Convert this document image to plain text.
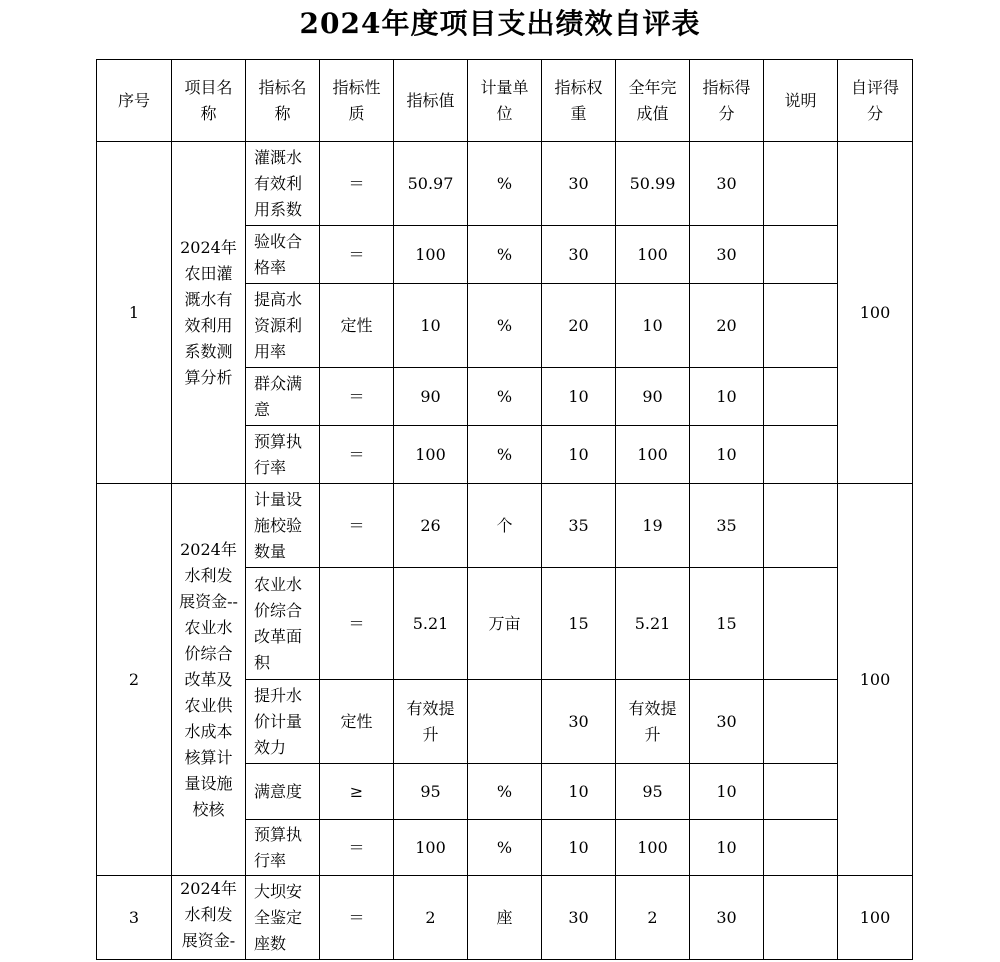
2024年度项目支出绩效自评表
序号	项目名称	指标名称	指标性质	指标值	计量单位	指标权重	全年完成值	指标得分	说明	自评得分
1	2024年农田灌溉水有效利用系数测算分析	灌溉水有效利用系数	＝	50.97	%	30	50.99	30		100
		验收合格率	＝	100	%	30	100	30		
		提高水资源利用率	定性	10	%	20	10	20		
		群众满意	＝	90	%	10	90	10		
		预算执行率	＝	100	%	10	100	10		
2	2024年水利发展资金--农业水价综合改革及农业供水成本核算计量设施校核	计量设施校验数量	＝	26	个	35	19	35		100
		农业水价综合改革面积	＝	5.21	万亩	15	5.21	15		
		提升水价计量效力	定性	有效提升		30	有效提升	30		
		满意度	≥	95	%	10	95	10		
		预算执行率	＝	100	%	10	100	10		
3	2024年水利发展资金-	大坝安全鉴定座数	＝	2	座	30	2	30		100
